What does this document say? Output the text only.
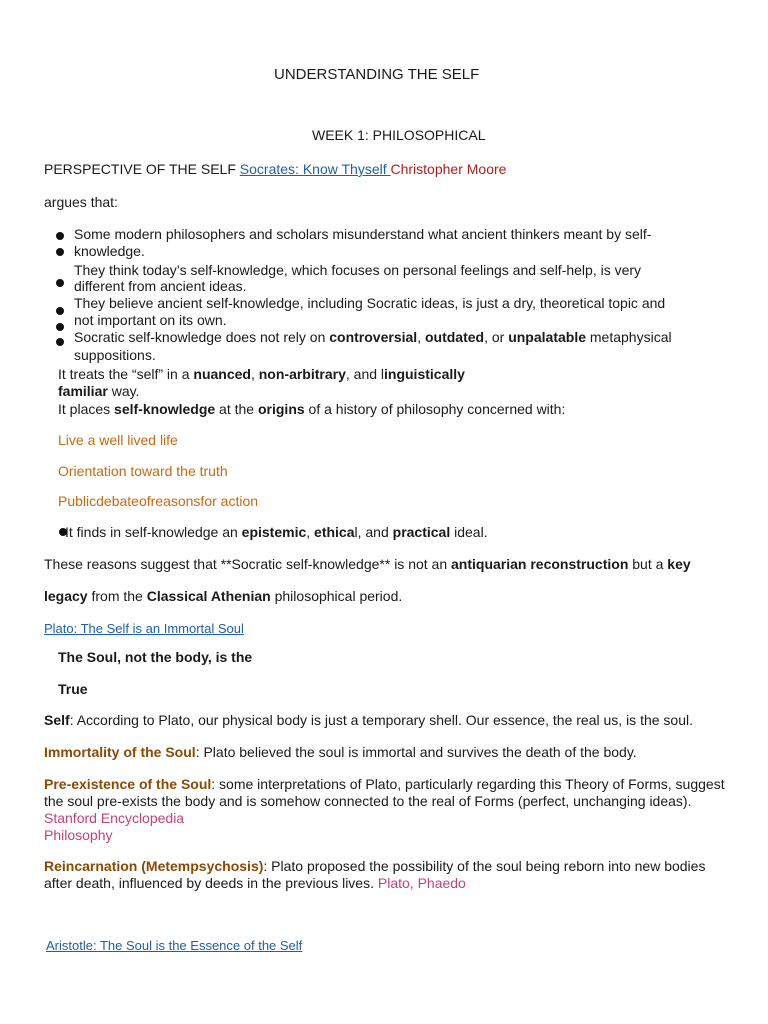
UNDERSTANDING THE SELF
WEEK 1: PHILOSOPHICAL
PERSPECTIVE OF THE SELF Socrates: Know Thyself Christopher Moore
argues that:
Some modern philosophers and scholars misunderstand what ancient thinkers meant by self-
knowledge.
They think today’s self-knowledge, which focuses on personal feelings and self-help, is very
different from ancient ideas.
They believe ancient self-knowledge, including Socratic ideas, is just a dry, theoretical topic and
not important on its own.
Socratic self-knowledge does not rely on controversial, outdated, or unpalatable metaphysical
suppositions.
It treats the “self” in a nuanced, non-arbitrary, and linguistically
familiar way.
It places self-knowledge at the origins of a history of philosophy concerned with:
Live a well lived life
Orientation toward the truth
Publicdebateofreasonsfor action
It finds in self-knowledge an epistemic, ethical, and practical ideal.
These reasons suggest that **Socratic self-knowledge** is not an antiquarian reconstruction but a key
legacy from the Classical Athenian philosophical period.
Plato: The Self is an Immortal Soul
The Soul, not the body, is the
True
Self: According to Plato, our physical body is just a temporary shell. Our essence, the real us, is the soul.
Immortality of the Soul: Plato believed the soul is immortal and survives the death of the body.
Pre-existence of the Soul: some interpretations of Plato, particularly regarding this Theory of Forms, suggest the soul pre-exists the body and is somehow connected to the real of Forms (perfect, unchanging ideas). Stanford Encyclopedia
Philosophy
Reincarnation (Metempsychosis): Plato proposed the possibility of the soul being reborn into new bodies after death, influenced by deeds in the previous lives. Plato, Phaedo
Aristotle: The Soul is the Essence of the Self
